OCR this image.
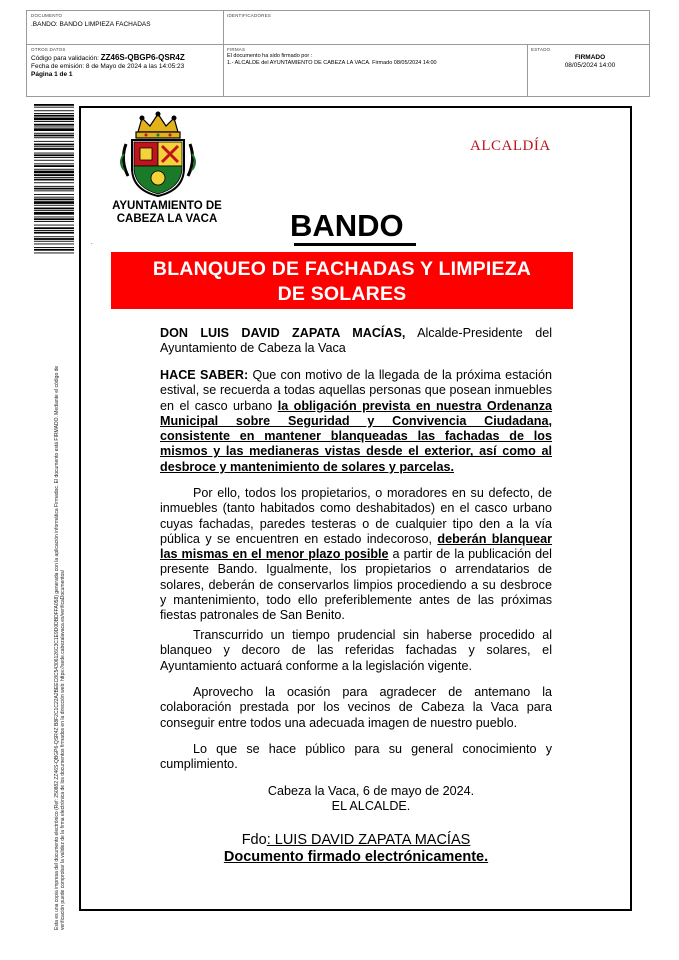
DOCUMENTO
.BANDO: BANDO LIMPIEZA FACHADAS
IDENTIFICADORES
OTROS DATOS
Código para validación: ZZ46S-QBGP6-QSR4Z
Fecha de emisión: 8 de Mayo de 2024 a las 14:05:23
Página 1 de 1
FIRMAS
El documento ha sido firmado por :
1.- ALCALDE del AYUNTAMIENTO DE CABEZA LA VACA. Firmado 08/05/2024 14:00
ESTADO
FIRMADO
08/05/2024 14:00
Esta es una copia impresa del documento electrónico (Ref: 250882 ZZ46S-QBGP6-QSR4Z B8F2C1C22A2BEEC8C54306126C3C1E9D0DBDFFA058) generada con la aplicación informática Firmadoc. El documento está FIRMADO. Mediante el código de verificación puede comprobar la validez de la firma electrónica de los documentos firmados en la dirección web: https://sede.cabezalavaca.es/verificaDocumentos/
AYUNTAMIENTO DE
CABEZA LA VACA
.
ALCALDÍA
BANDO
BLANQUEO DE FACHADAS Y LIMPIEZA
DE SOLARES
DON LUIS DAVID ZAPATA MACÍAS, Alcalde-Presidente del Ayuntamiento de Cabeza la Vaca
HACE SABER: Que con motivo de la llegada de la próxima estación estival, se recuerda a todas aquellas personas que posean inmuebles en el casco urbano la obligación prevista en nuestra Ordenanza Municipal sobre Seguridad y Convivencia Ciudadana, consistente en mantener blanqueadas las fachadas de los mismos y las medianeras vistas desde el exterior, así como al desbroce y mantenimiento de solares y parcelas.
Por ello, todos los propietarios, o moradores en su defecto, de inmuebles (tanto habitados como deshabitados) en el casco urbano cuyas fachadas, paredes testeras o de cualquier tipo den a la vía pública y se encuentren en estado indecoroso, deberán blanquear las mismas en el menor plazo posible a partir de la publicación del presente Bando. Igualmente, los propietarios o arrendatarios de solares, deberán de conservarlos limpios procediendo a su desbroce y mantenimiento, todo ello preferiblemente antes de las próximas fiestas patronales de San Benito.
Transcurrido un tiempo prudencial sin haberse procedido al blanqueo y decoro de las referidas fachadas y solares, el Ayuntamiento actuará conforme a la legislación vigente.
Aprovecho la ocasión para agradecer de antemano la colaboración prestada por los vecinos de Cabeza la Vaca para conseguir entre todos una adecuada imagen de nuestro pueblo.
Lo que se hace público para su general conocimiento y cumplimiento.
Cabeza la Vaca, 6 de mayo de 2024.
EL ALCALDE.
Fdo: LUIS DAVID ZAPATA MACÍAS
Documento firmado electrónicamente.
